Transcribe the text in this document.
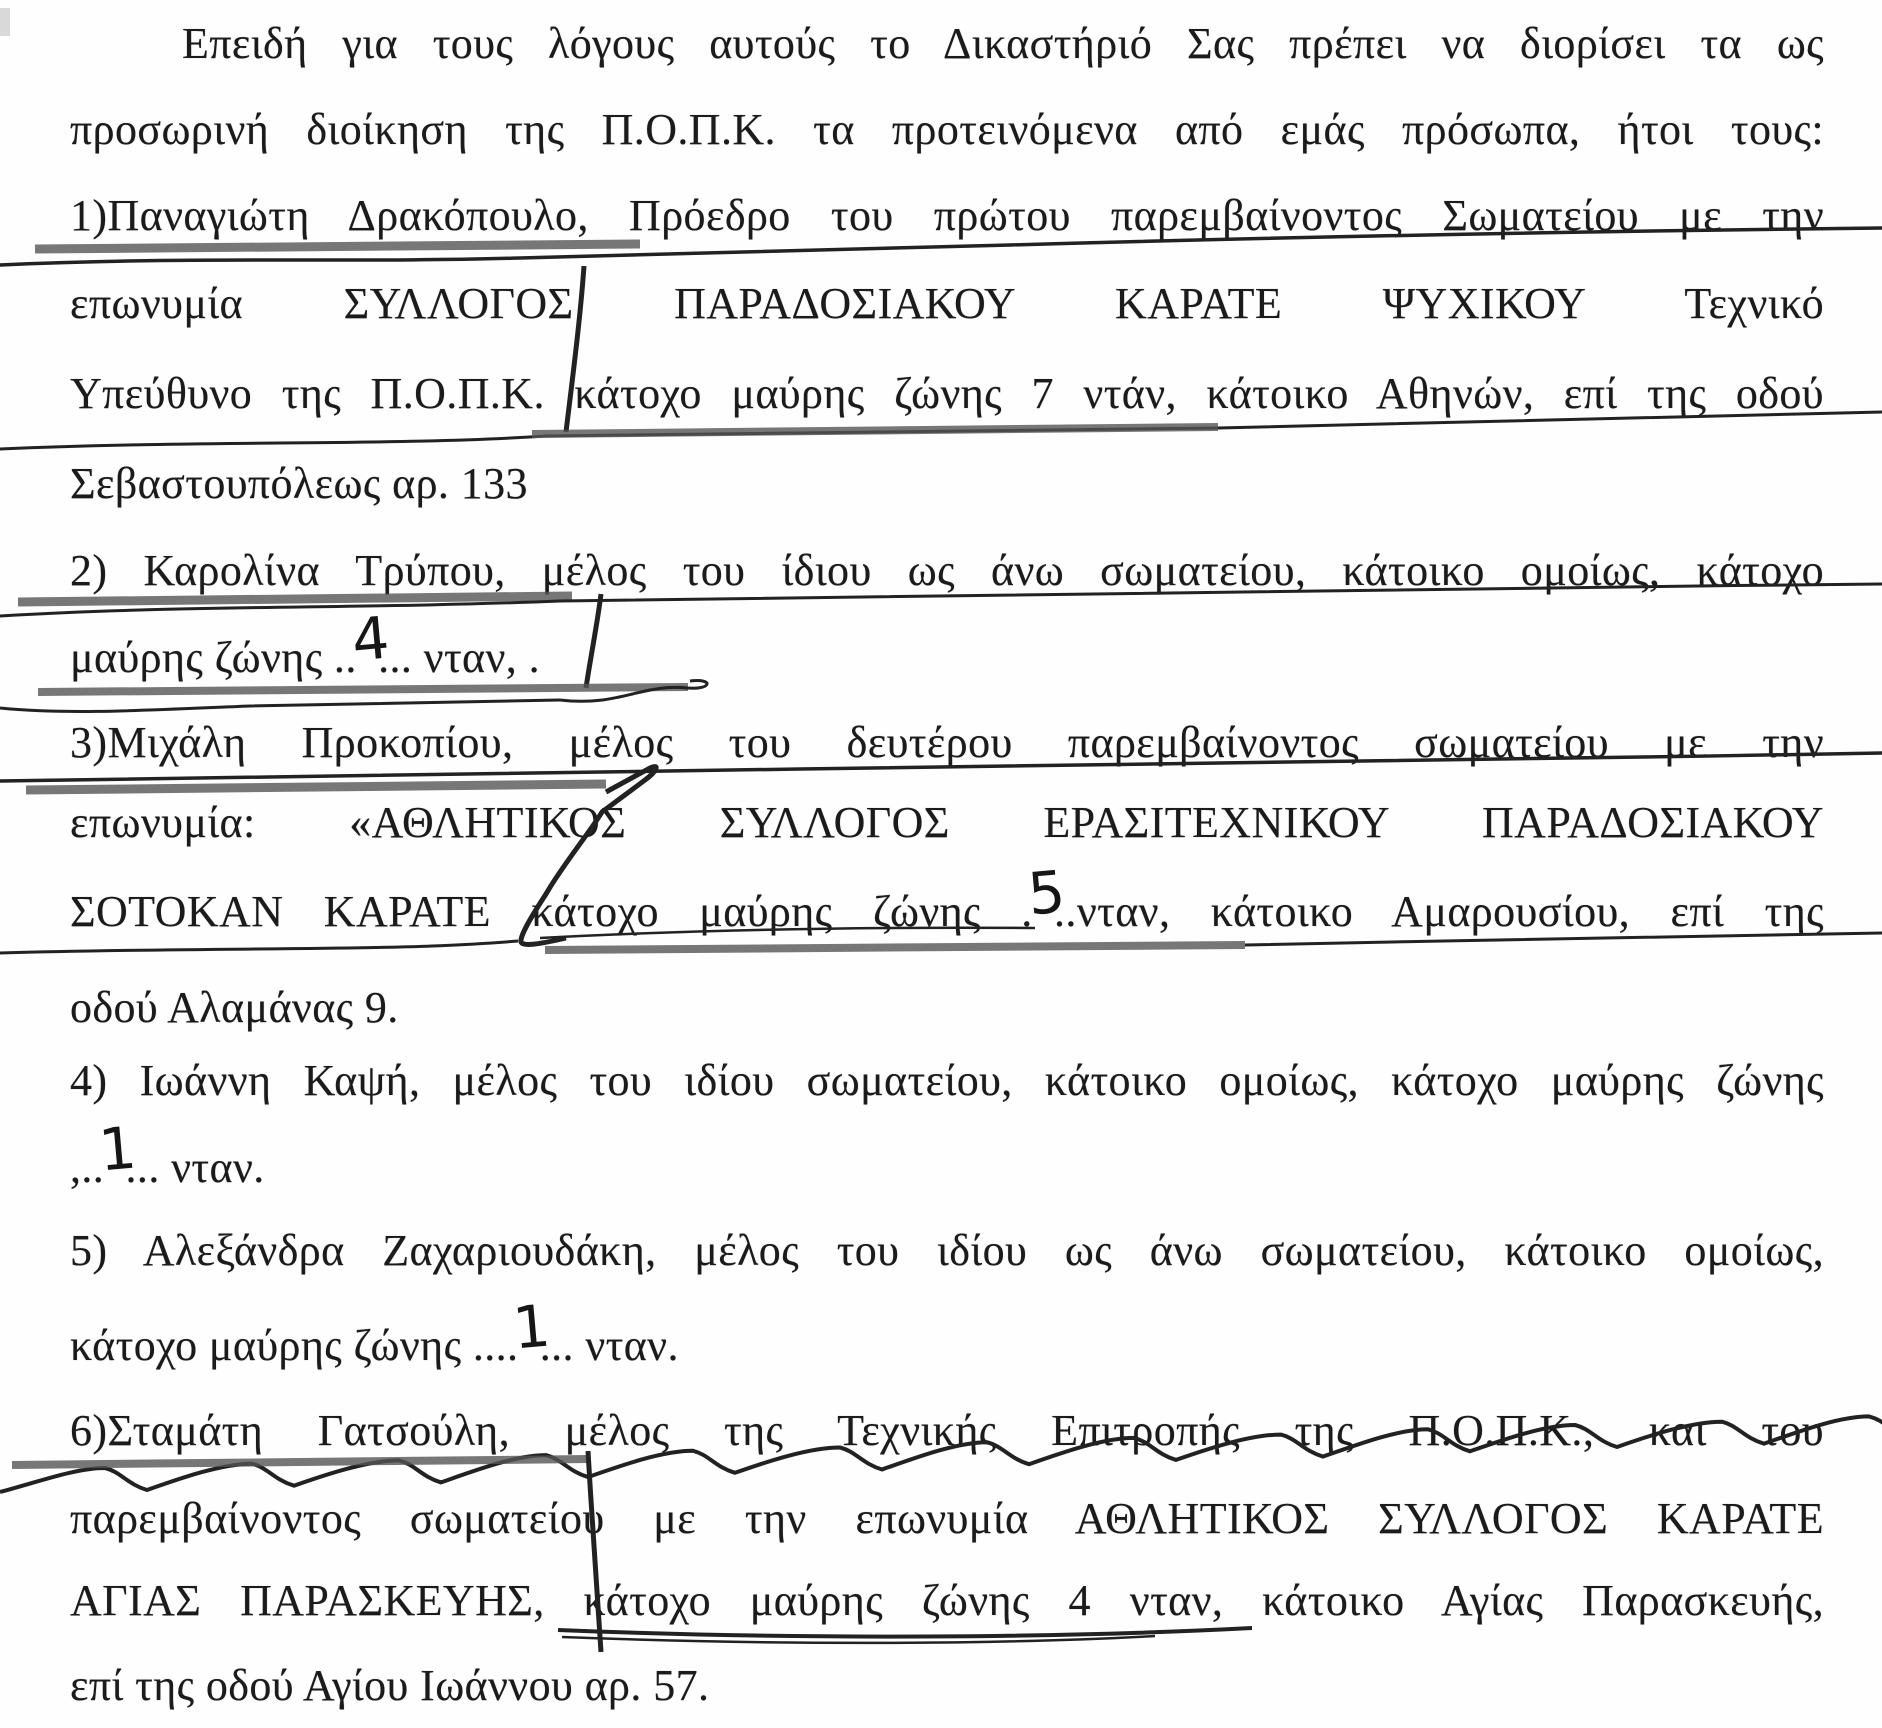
Επειδή για τους λόγους αυτούς το Δικαστήριό Σας πρέπει να διορίσει τα ως
προσωρινή διοίκηση της Π.Ο.Π.Κ. τα προτεινόμενα από εμάς πρόσωπα, ήτοι τους:
1)Παναγιώτη Δρακόπουλο, Πρόεδρο του πρώτου παρεμβαίνοντος Σωματείου με την
επωνυμία ΣΥΛΛΟΓΟΣ ΠΑΡΑΔΟΣΙΑΚΟΥ ΚΑΡΑΤΕ ΨΥΧΙΚΟΥ Τεχνικό
Υπεύθυνο της Π.Ο.Π.Κ. κάτοχο μαύρης ζώνης 7 ντάν, κάτοικο Αθηνών, επί της οδού
Σεβαστουπόλεως αρ. 133
2) Καρολίνα Τρύπου, μέλος του ίδιου ως άνω σωματείου, κάτοικο ομοίως, κάτοχο
μαύρης ζώνης ..4... νταν, .
3)Μιχάλη Προκοπίου, μέλος του δευτέρου παρεμβαίνοντος σωματείου με την
επωνυμία: «ΑΘΛΗΤΙΚΟΣ ΣΥΛΛΟΓΟΣ ΕΡΑΣΙΤΕΧΝΙΚΟΥ ΠΑΡΑΔΟΣΙΑΚΟΥ
ΣΟΤΟΚΑΝ ΚΑΡΑΤΕ κάτοχο μαύρης ζώνης .5..νταν, κάτοικο Αμαρουσίου, επί της
οδού Αλαμάνας 9.
4) Ιωάννη Καψή, μέλος του ιδίου σωματείου, κάτοικο ομοίως, κάτοχο μαύρης ζώνης
,..1... νταν.
5) Αλεξάνδρα Ζαχαριουδάκη, μέλος του ιδίου ως άνω σωματείου, κάτοικο ομοίως,
κάτοχο μαύρης ζώνης ....1... νταν.
6)Σταμάτη Γατσούλη, μέλος της Τεχνικής Επιτροπής της Π.Ο.Π.Κ., και του
παρεμβαίνοντος σωματείου με την επωνυμία ΑΘΛΗΤΙΚΟΣ ΣΥΛΛΟΓΟΣ ΚΑΡΑΤΕ
ΑΓΙΑΣ ΠΑΡΑΣΚΕΥΗΣ, κάτοχο μαύρης ζώνης 4 νταν, κάτοικο Αγίας Παρασκευής,
επί της οδού Αγίου Ιωάννου αρ. 57.
